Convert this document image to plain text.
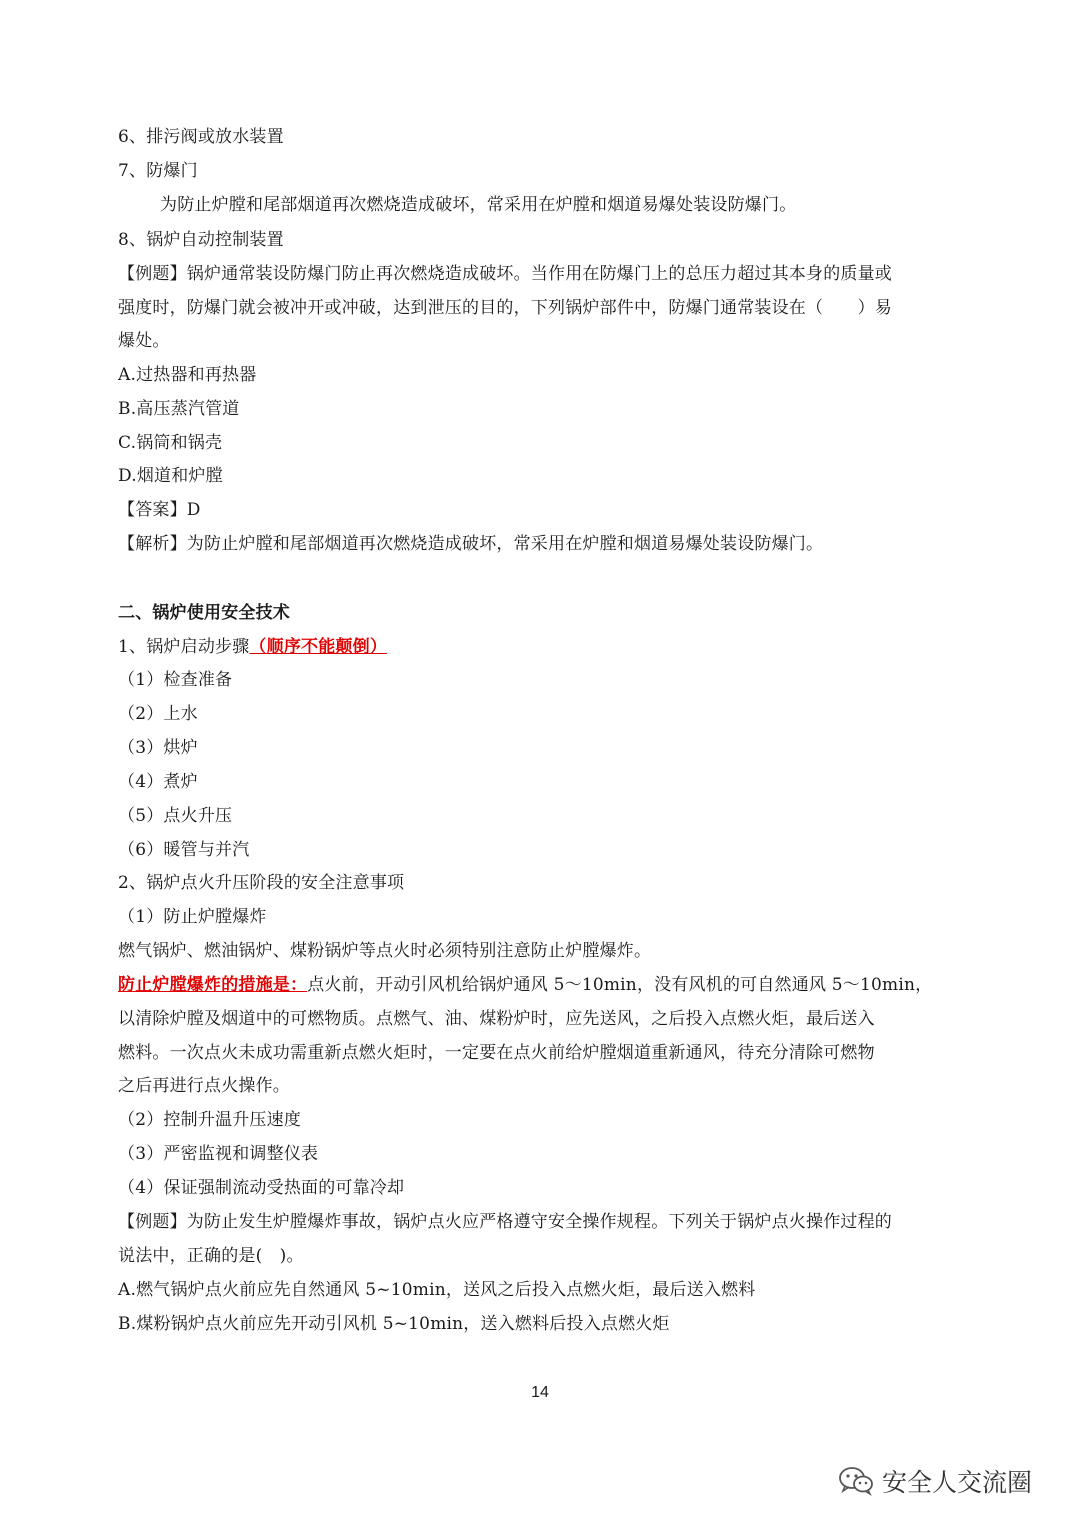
6、排污阀或放水装置
7、防爆门
为防止炉膛和尾部烟道再次燃烧造成破坏，常采用在炉膛和烟道易爆处装设防爆门。
8、锅炉自动控制装置
【例题】锅炉通常装设防爆门防止再次燃烧造成破坏。当作用在防爆门上的总压力超过其本身的质量或
强度时，防爆门就会被冲开或冲破，达到泄压的目的，下列锅炉部件中，防爆门通常装设在（　　）易
爆处。
A.过热器和再热器
B.高压蒸汽管道
C.锅筒和锅壳
D.烟道和炉膛
【答案】D
【解析】为防止炉膛和尾部烟道再次燃烧造成破坏，常采用在炉膛和烟道易爆处装设防爆门。
二、锅炉使用安全技术
1、锅炉启动步骤（顺序不能颠倒）
（1）检查准备
（2）上水
（3）烘炉
（4）煮炉
（5）点火升压
（6）暖管与并汽
2、锅炉点火升压阶段的安全注意事项
（1）防止炉膛爆炸
燃气锅炉、燃油锅炉、煤粉锅炉等点火时必须特别注意防止炉膛爆炸。
防止炉膛爆炸的措施是：点火前，开动引风机给锅炉通风 5～10min，没有风机的可自然通风 5～10min，
以清除炉膛及烟道中的可燃物质。点燃气、油、煤粉炉时，应先送风，之后投入点燃火炬，最后送入
燃料。一次点火未成功需重新点燃火炬时，一定要在点火前给炉膛烟道重新通风，待充分清除可燃物
之后再进行点火操作。
（2）控制升温升压速度
（3）严密监视和调整仪表
（4）保证强制流动受热面的可靠冷却
【例题】为防止发生炉膛爆炸事故，锅炉点火应严格遵守安全操作规程。下列关于锅炉点火操作过程的
说法中，正确的是(　)。
A.燃气锅炉点火前应先自然通风 5~10min，送风之后投入点燃火炬，最后送入燃料
B.煤粉锅炉点火前应先开动引风机 5~10min，送入燃料后投入点燃火炬
14
安全人交流圈
